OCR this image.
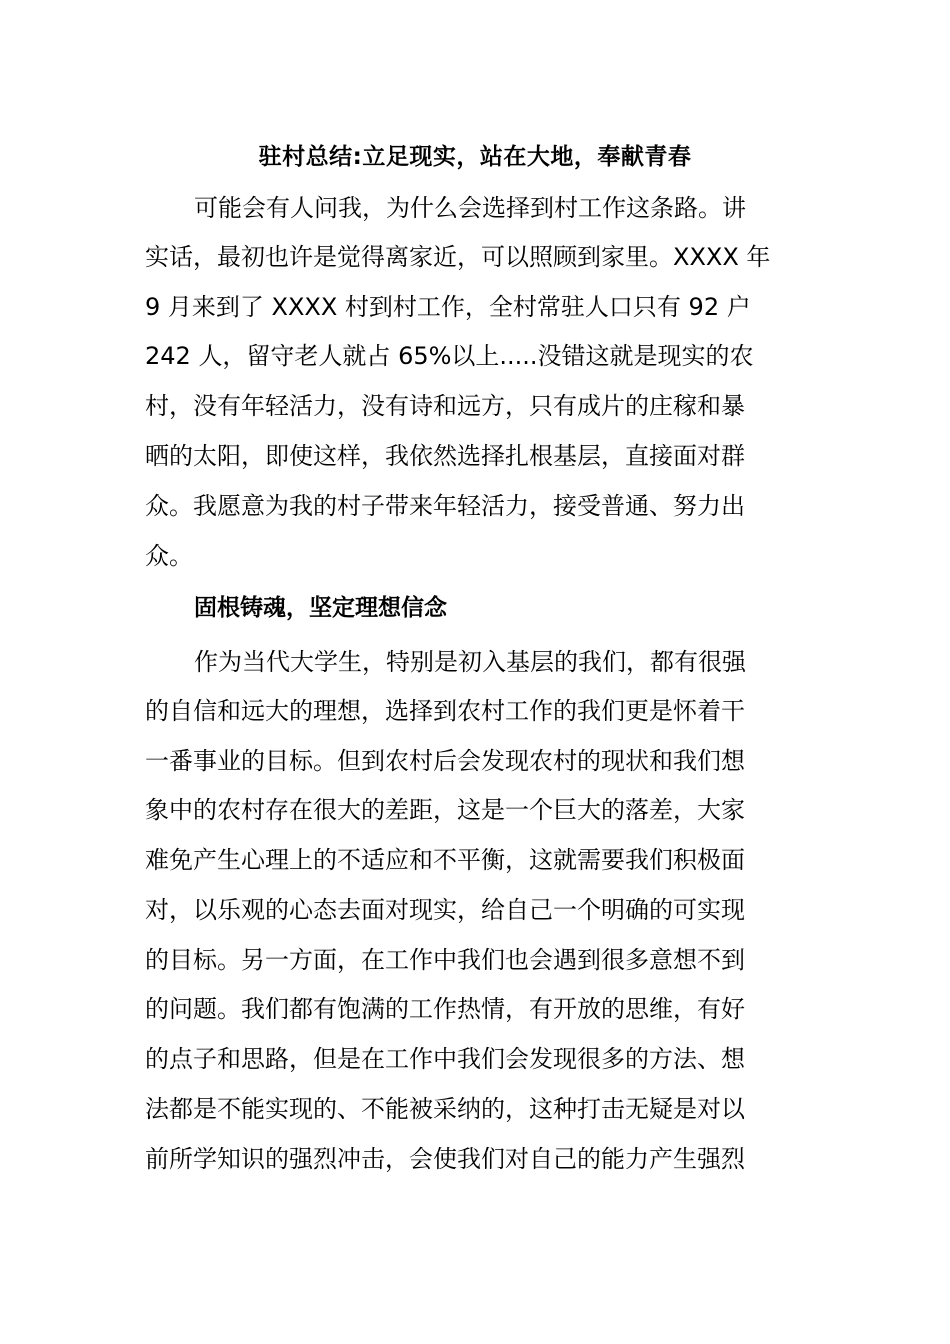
驻村总结:立足现实，站在大地，奉献青春
可能会有人问我，为什么会选择到村工作这条路。讲
实话，最初也许是觉得离家近，可以照顾到家里。XXXX 年
9 月来到了 XXXX 村到村工作，全村常驻人口只有 92 户
242 人，留守老人就占 65%以上.....没错这就是现实的农
村，没有年轻活力，没有诗和远方，只有成片的庄稼和暴
晒的太阳，即使这样，我依然选择扎根基层，直接面对群
众。我愿意为我的村子带来年轻活力，接受普通、努力出
众。
固根铸魂，坚定理想信念
作为当代大学生，特别是初入基层的我们，都有很强
的自信和远大的理想，选择到农村工作的我们更是怀着干
一番事业的目标。但到农村后会发现农村的现状和我们想
象中的农村存在很大的差距，这是一个巨大的落差，大家
难免产生心理上的不适应和不平衡，这就需要我们积极面
对，以乐观的心态去面对现实，给自己一个明确的可实现
的目标。另一方面，在工作中我们也会遇到很多意想不到
的问题。我们都有饱满的工作热情，有开放的思维，有好
的点子和思路，但是在工作中我们会发现很多的方法、想
法都是不能实现的、不能被采纳的，这种打击无疑是对以
前所学知识的强烈冲击，会使我们对自己的能力产生强烈
